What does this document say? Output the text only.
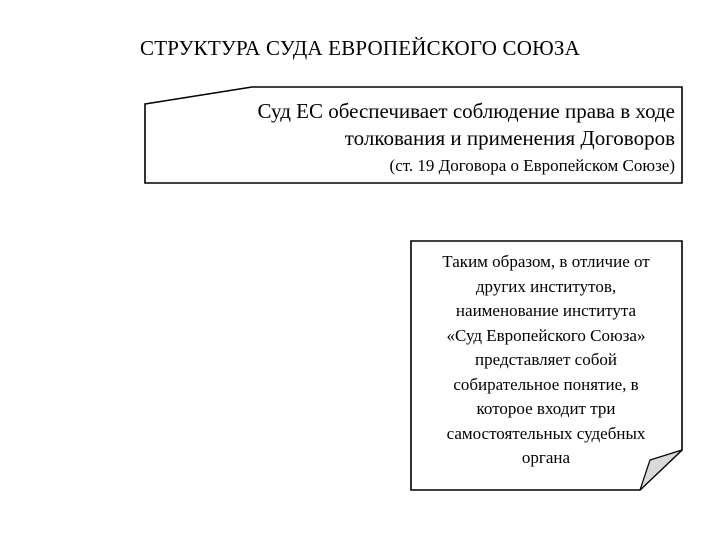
СТРУКТУРА СУДА ЕВРОПЕЙСКОГО СОЮЗА
Суд ЕС обеспечивает соблюдение права в ходе
толкования и применения Договоров
(ст. 19 Договора о Европейском Союзе)
Таким образом, в отличие от
других институтов,
наименование института
«Суд Европейского Союза»
представляет собой
собирательное понятие, в
которое входит три
самостоятельных судебных
органа
